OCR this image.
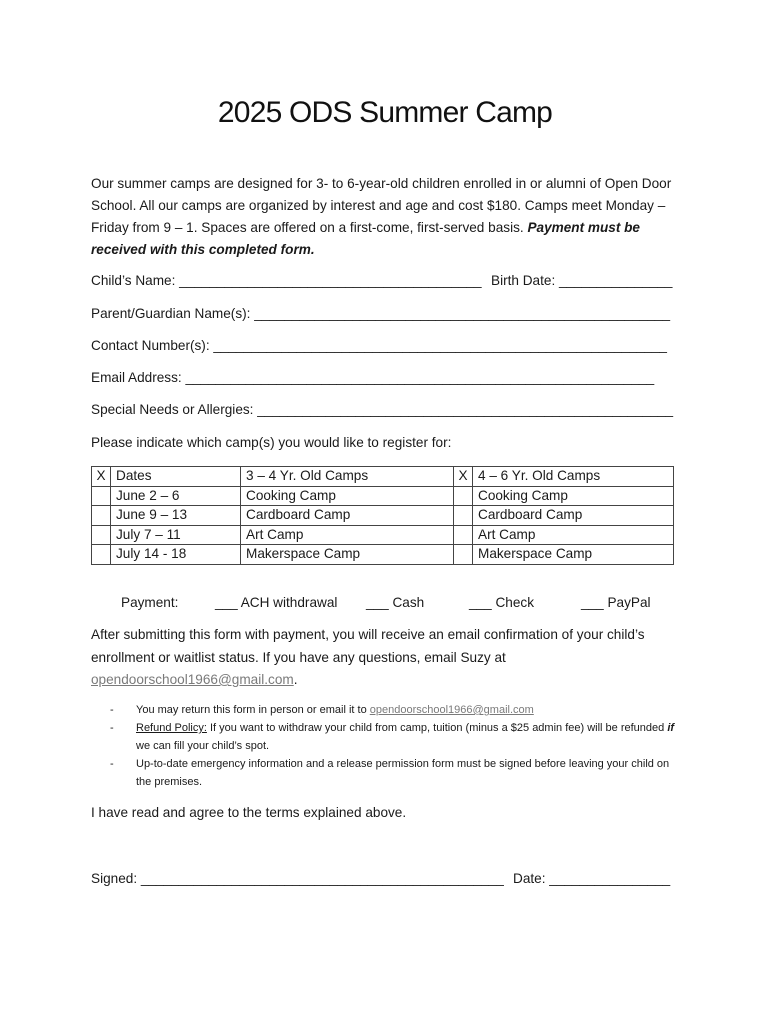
2025 ODS Summer Camp
Our summer camps are designed for 3- to 6-year-old children enrolled in or alumni of Open Door School. All our camps are organized by interest and age and cost $180. Camps meet Monday – Friday from 9 – 1. Spaces are offered on a first-come, first-served basis. Payment must be received with this completed form.
Child’s Name: ________________________________________ Birth Date: _______________
Parent/Guardian Name(s): _______________________________________________________
Contact Number(s): ____________________________________________________________
Email Address: ______________________________________________________________
Special Needs or Allergies: _______________________________________________________
Please indicate which camp(s) you would like to register for:
X	Dates	3 – 4 Yr. Old Camps	X	4 – 6 Yr. Old Camps
	June 2 – 6	Cooking Camp		Cooking Camp
	June 9 – 13	Cardboard Camp		Cardboard Camp
	July 7 – 11	Art Camp		Art Camp
	July 14 - 18	Makerspace Camp		Makerspace Camp
Payment:	___ ACH withdrawal ___ Cash	___ Check	___ PayPal
After submitting this form with payment, you will receive an email confirmation of your child’s enrollment or waitlist status. If you have any questions, email Suzy at opendoorschool1966@gmail.com.
-	You may return this form in person or email it to opendoorschool1966@gmail.com
-	Refund Policy: If you want to withdraw your child from camp, tuition (minus a $25 admin fee) will be refunded if we can fill your child’s spot.
-	Up-to-date emergency information and a release permission form must be signed before leaving your child on the premises.
I have read and agree to the terms explained above.
Signed: ________________________________________________ Date: ________________
